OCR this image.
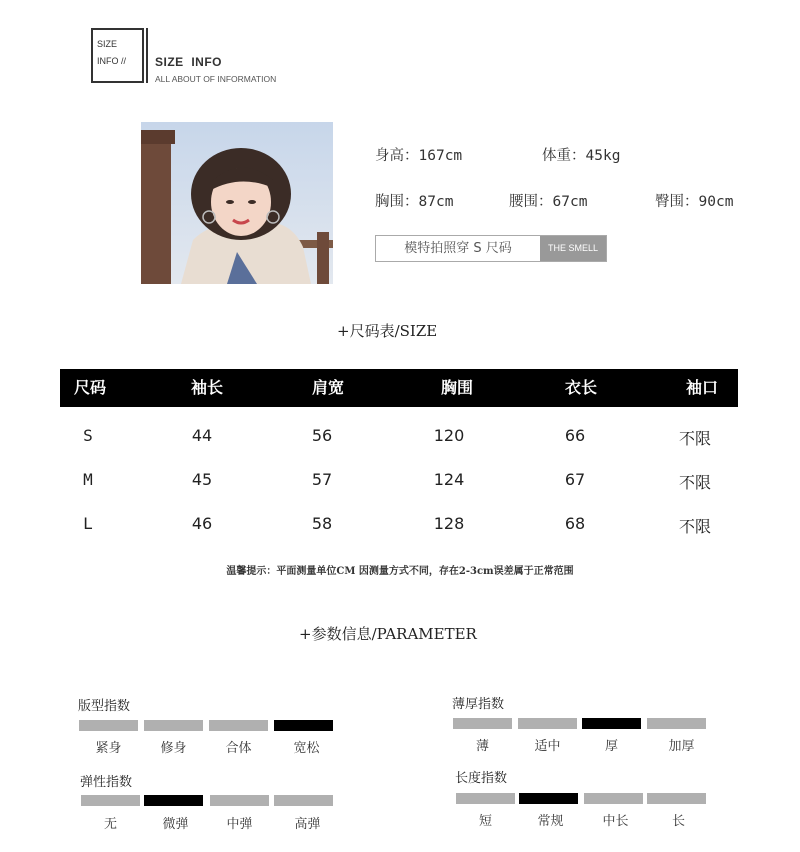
SIZE
INFO // SIZE  INFO
ALL ABOUT OF INFORMATION
身高：167cm	体重：45kg
胸围：87cm	腰围：67cm	臀围：90cm
模特拍照穿 S 尺码	THE SMELL
+尺码表/SIZE
尺码	袖长	肩宽	胸围	衣长	袖口
S	44	56	120	66	不限
M	45	57	124	67	不限
L	46	58	128	68	不限
温馨提示：平面测量单位CM 因测量方式不同，存在2-3cm误差属于正常范围
+参数信息/PARAMETER
版型指数
紧身	修身	合体	宽松
薄厚指数
薄	适中	厚	加厚
弹性指数
无	微弹	中弹	高弹
长度指数
短	常规	中长	长
